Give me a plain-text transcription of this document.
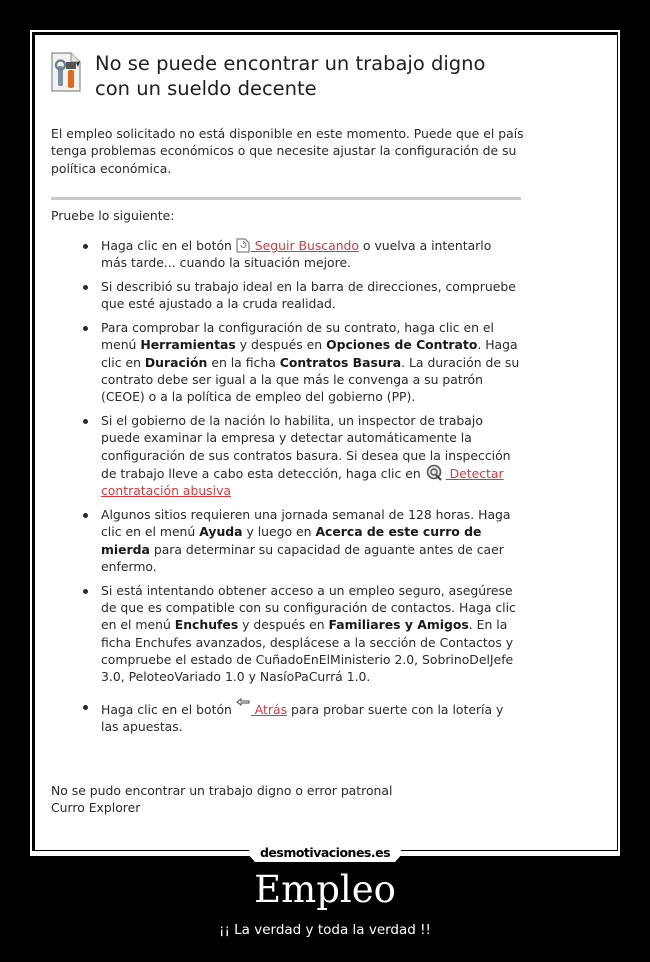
No se puede encontrar un trabajo digno
con un sueldo decente
El empleo solicitado no está disponible en este momento. Puede que el país tenga problemas económicos o que necesite ajustar la configuración de su política económica.
Pruebe lo siguiente:
Haga clic en el botón  Seguir Buscando o vuelva a intentarlo más tarde... cuando la situación mejore.
Si describió su trabajo ideal en la barra de direcciones, compruebe que esté ajustado a la cruda realidad.
Para comprobar la configuración de su contrato, haga clic en el menú Herramientas y después en Opciones de Contrato. Haga clic en Duración en la ficha Contratos Basura. La duración de su contrato debe ser igual a la que más le convenga a su patrón (CEOE) o a la política de empleo del gobierno (PP).
Si el gobierno de la nación lo habilita, un inspector de trabajo puede examinar la empresa y detectar automáticamente la configuración de sus contratos basura. Si desea que la inspección de trabajo lleve a cabo esta detección, haga clic en  Detectar contratación abusiva
Algunos sitios requieren una jornada semanal de 128 horas. Haga clic en el menú Ayuda y luego en Acerca de este curro de mierda para determinar su capacidad de aguante antes de caer enfermo.
Si está intentando obtener acceso a un empleo seguro, asegúrese de que es compatible con su configuración de contactos. Haga clic en el menú Enchufes y después en Familiares y Amigos. En la ficha Enchufes avanzados, desplácese a la sección de Contactos y compruebe el estado de CuñadoEnElMinisterio 2.0, SobrinoDelJefe 3.0, PeloteoVariado 1.0 y NasíoPaCurrá 1.0.
Haga clic en el botón  Atrás para probar suerte con la lotería y las apuestas.
No se pudo encontrar un trabajo digno o error patronal
Curro Explorer
desmotivaciones.es
Empleo
¡¡ La verdad y toda la verdad !!
